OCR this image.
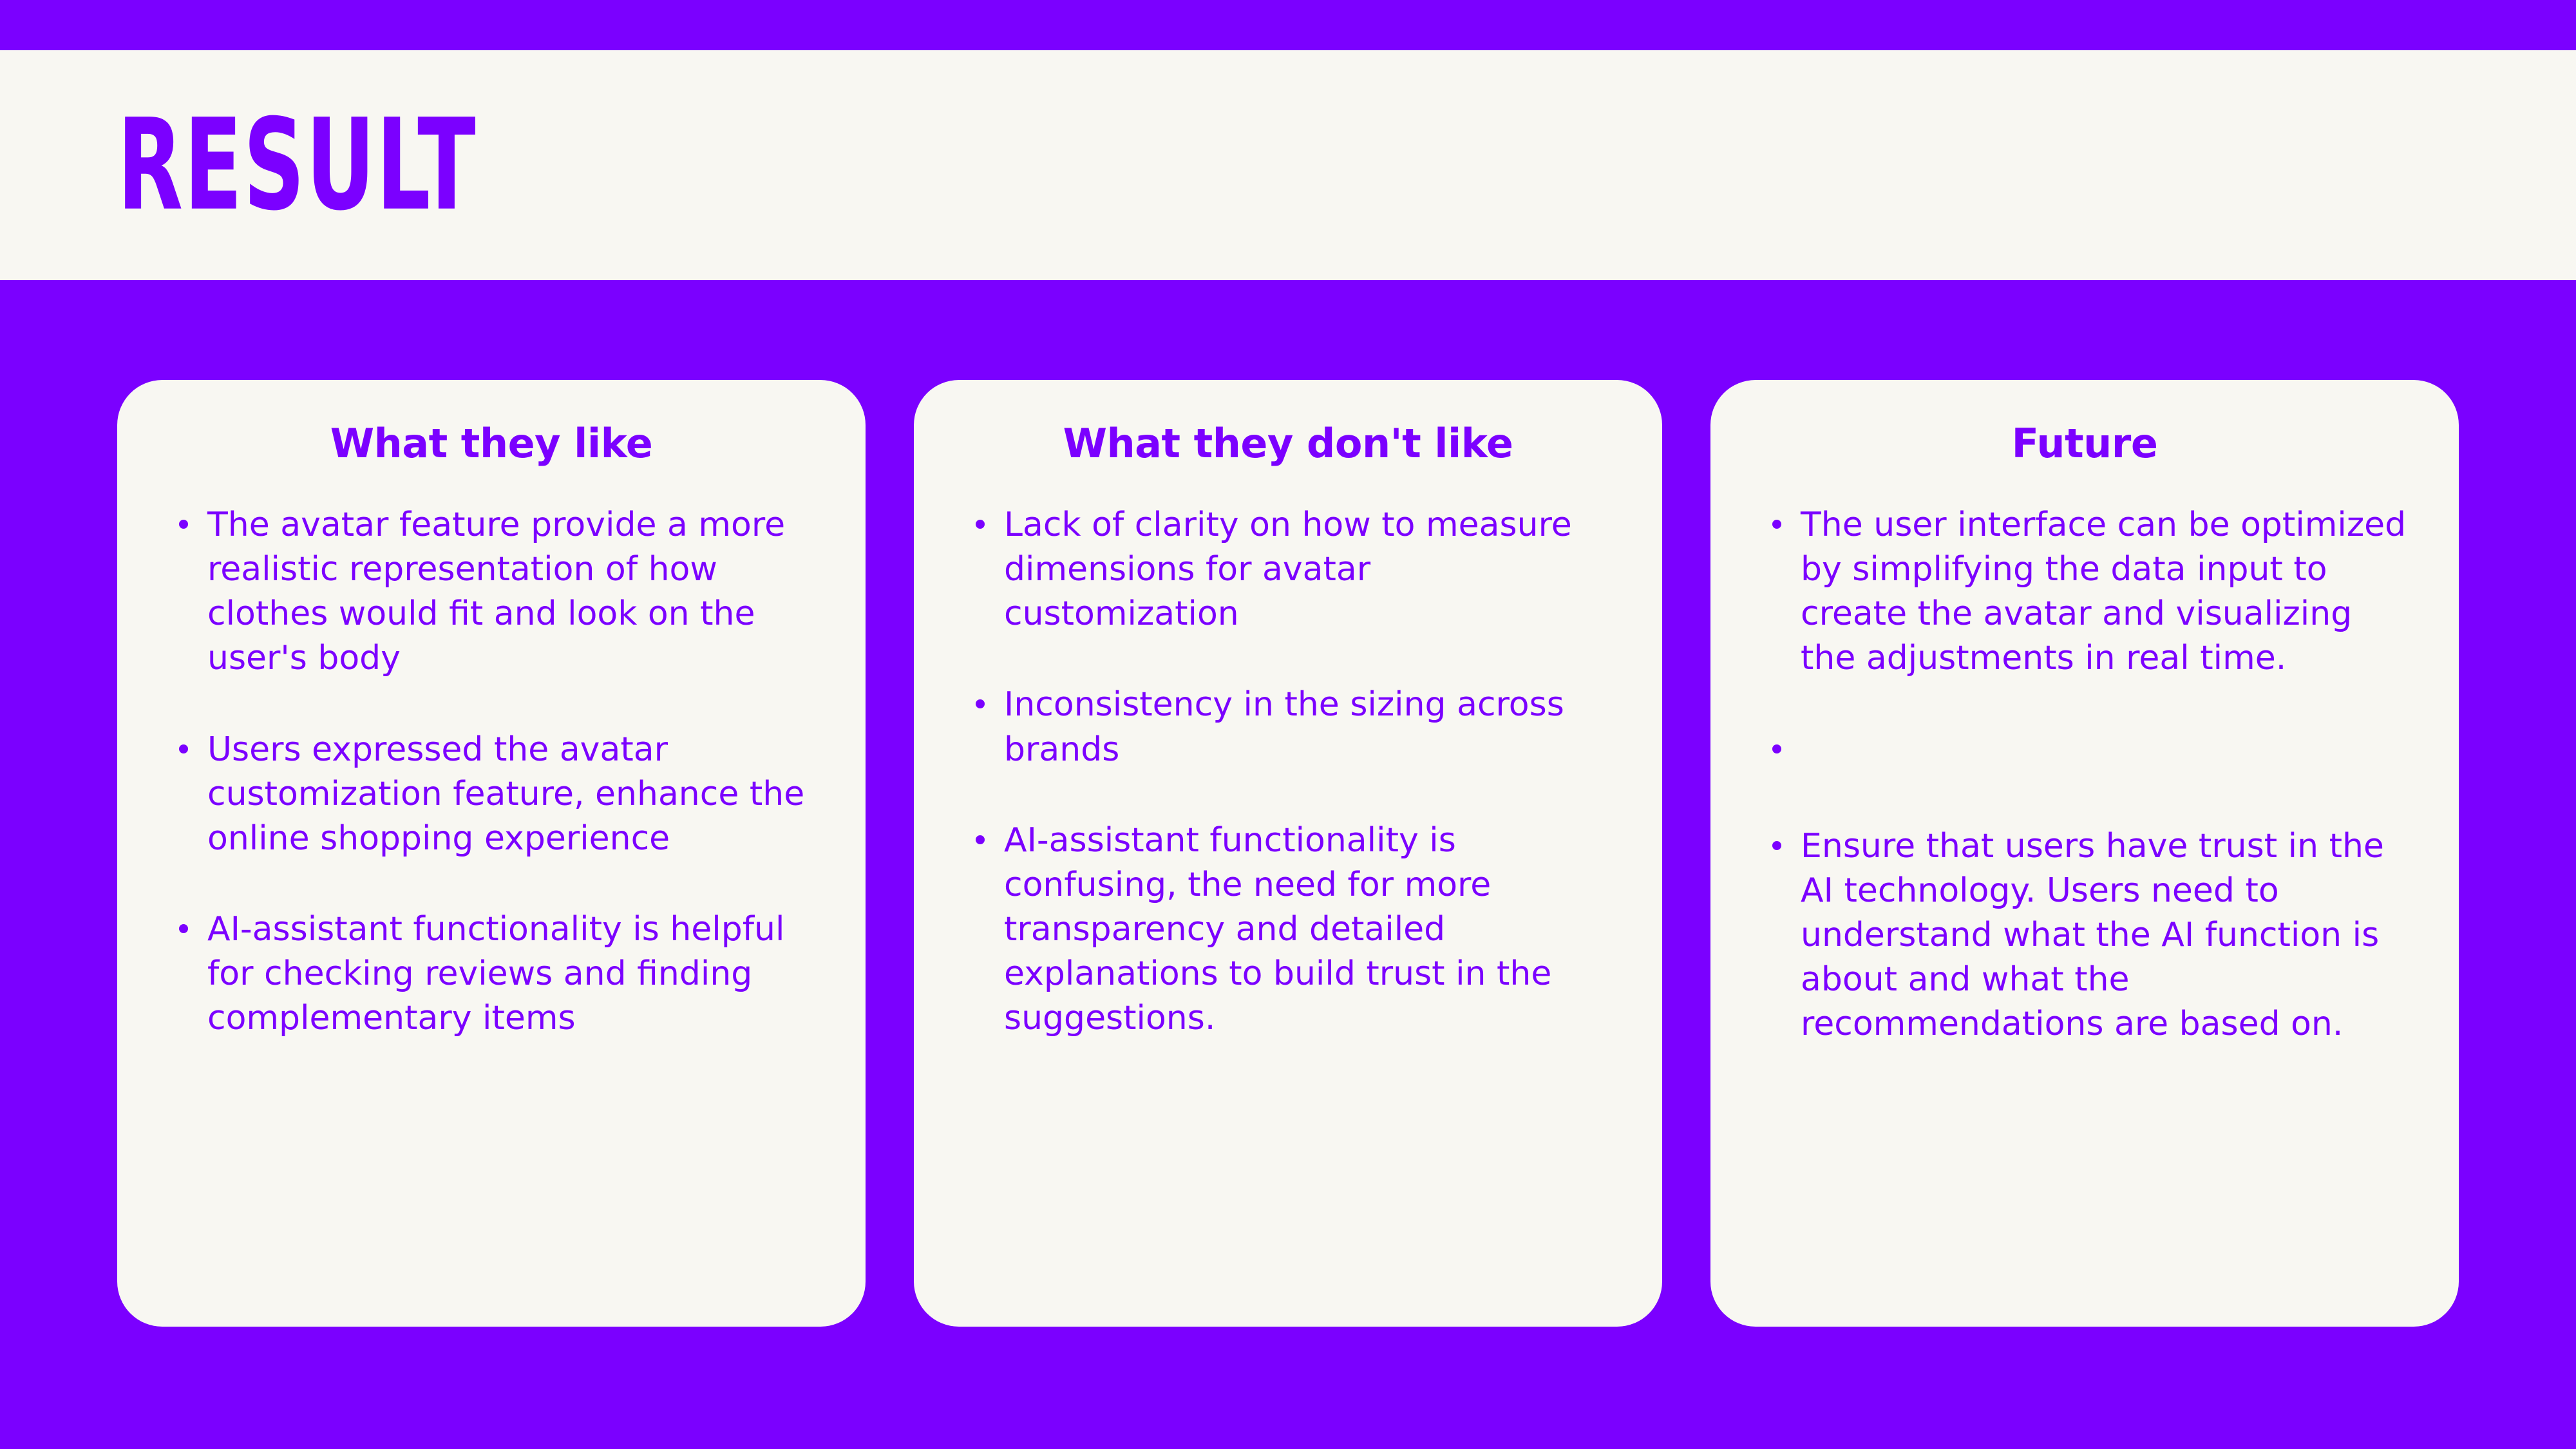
RESULT
What they like
The avatar feature provide a more realistic representation of how clothes would fit and look on the user's body
Users expressed the avatar customization feature, enhance the online shopping experience
AI-assistant functionality is helpful for checking reviews and finding complementary items
What they don't like
Lack of clarity on how to measure dimensions for avatar customization
Inconsistency in the sizing across brands
AI-assistant functionality is confusing, the need for more transparency and detailed explanations to build trust in the suggestions.
Future
The user interface can be optimized by simplifying the data input to create the avatar and visualizing the adjustments in real time.
Ensure that users have trust in the AI technology. Users need to understand what the AI function is about and what the recommendations are based on.
